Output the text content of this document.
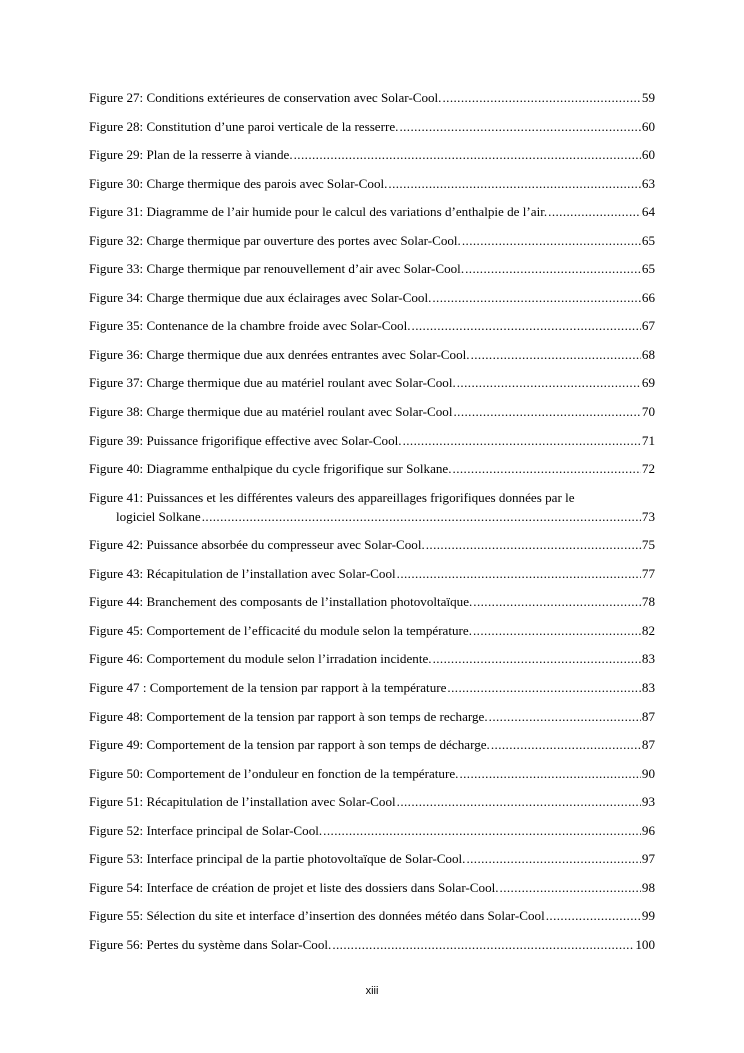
Figure 27: Conditions extérieures de conservation avec Solar-Cool. .....	59
Figure 28: Constitution d’une paroi verticale de la resserre. .....	60
Figure 29: Plan de la resserre à viande. .....	60
Figure 30: Charge thermique des parois avec Solar-Cool. .....	63
Figure 31: Diagramme de l’air humide pour le calcul des variations d’enthalpie de l’air. .....	64
Figure 32: Charge thermique par ouverture des portes avec Solar-Cool. .....	65
Figure 33: Charge thermique par renouvellement d’air avec Solar-Cool. .....	65
Figure 34: Charge thermique due aux éclairages avec Solar-Cool. .....	66
Figure 35: Contenance de la chambre froide avec Solar-Cool. .....	67
Figure 36: Charge thermique due aux denrées entrantes avec Solar-Cool. .....	68
Figure 37: Charge thermique due au matériel roulant avec Solar-Cool. .....	69
Figure 38: Charge thermique due au matériel roulant avec Solar-Cool .....	70
Figure 39: Puissance frigorifique effective avec Solar-Cool. .....	71
Figure 40: Diagramme enthalpique du cycle frigorifique sur Solkane. .....	72
Figure 41: Puissances et les différentes valeurs des appareillages frigorifiques données par le
logiciel Solkane .....	73
Figure 42: Puissance absorbée du compresseur avec Solar-Cool. .....	75
Figure 43: Récapitulation de l’installation avec Solar-Cool .....	77
Figure 44: Branchement des composants de l’installation photovoltaïque. .....	78
Figure 45: Comportement de l’efficacité du module selon la température. .....	82
Figure 46: Comportement du module selon l’irradation incidente. .....	83
Figure 47 : Comportement de la tension par rapport à la température .....	83
Figure 48: Comportement de la tension par rapport à son temps de recharge. .....	87
Figure 49: Comportement de la tension par rapport à son temps de décharge. .....	87
Figure 50: Comportement de l’onduleur en fonction de la température. .....	90
Figure 51: Récapitulation de l’installation avec Solar-Cool .....	93
Figure 52: Interface principal de Solar-Cool. .....	96
Figure 53: Interface principal de la partie photovoltaïque de Solar-Cool. .....	97
Figure 54: Interface de création de projet et liste des dossiers dans Solar-Cool. .....	98
Figure 55: Sélection du site et interface d’insertion des données météo dans Solar-Cool .....	99
Figure 56: Pertes du système dans Solar-Cool. .....	100
xiii
